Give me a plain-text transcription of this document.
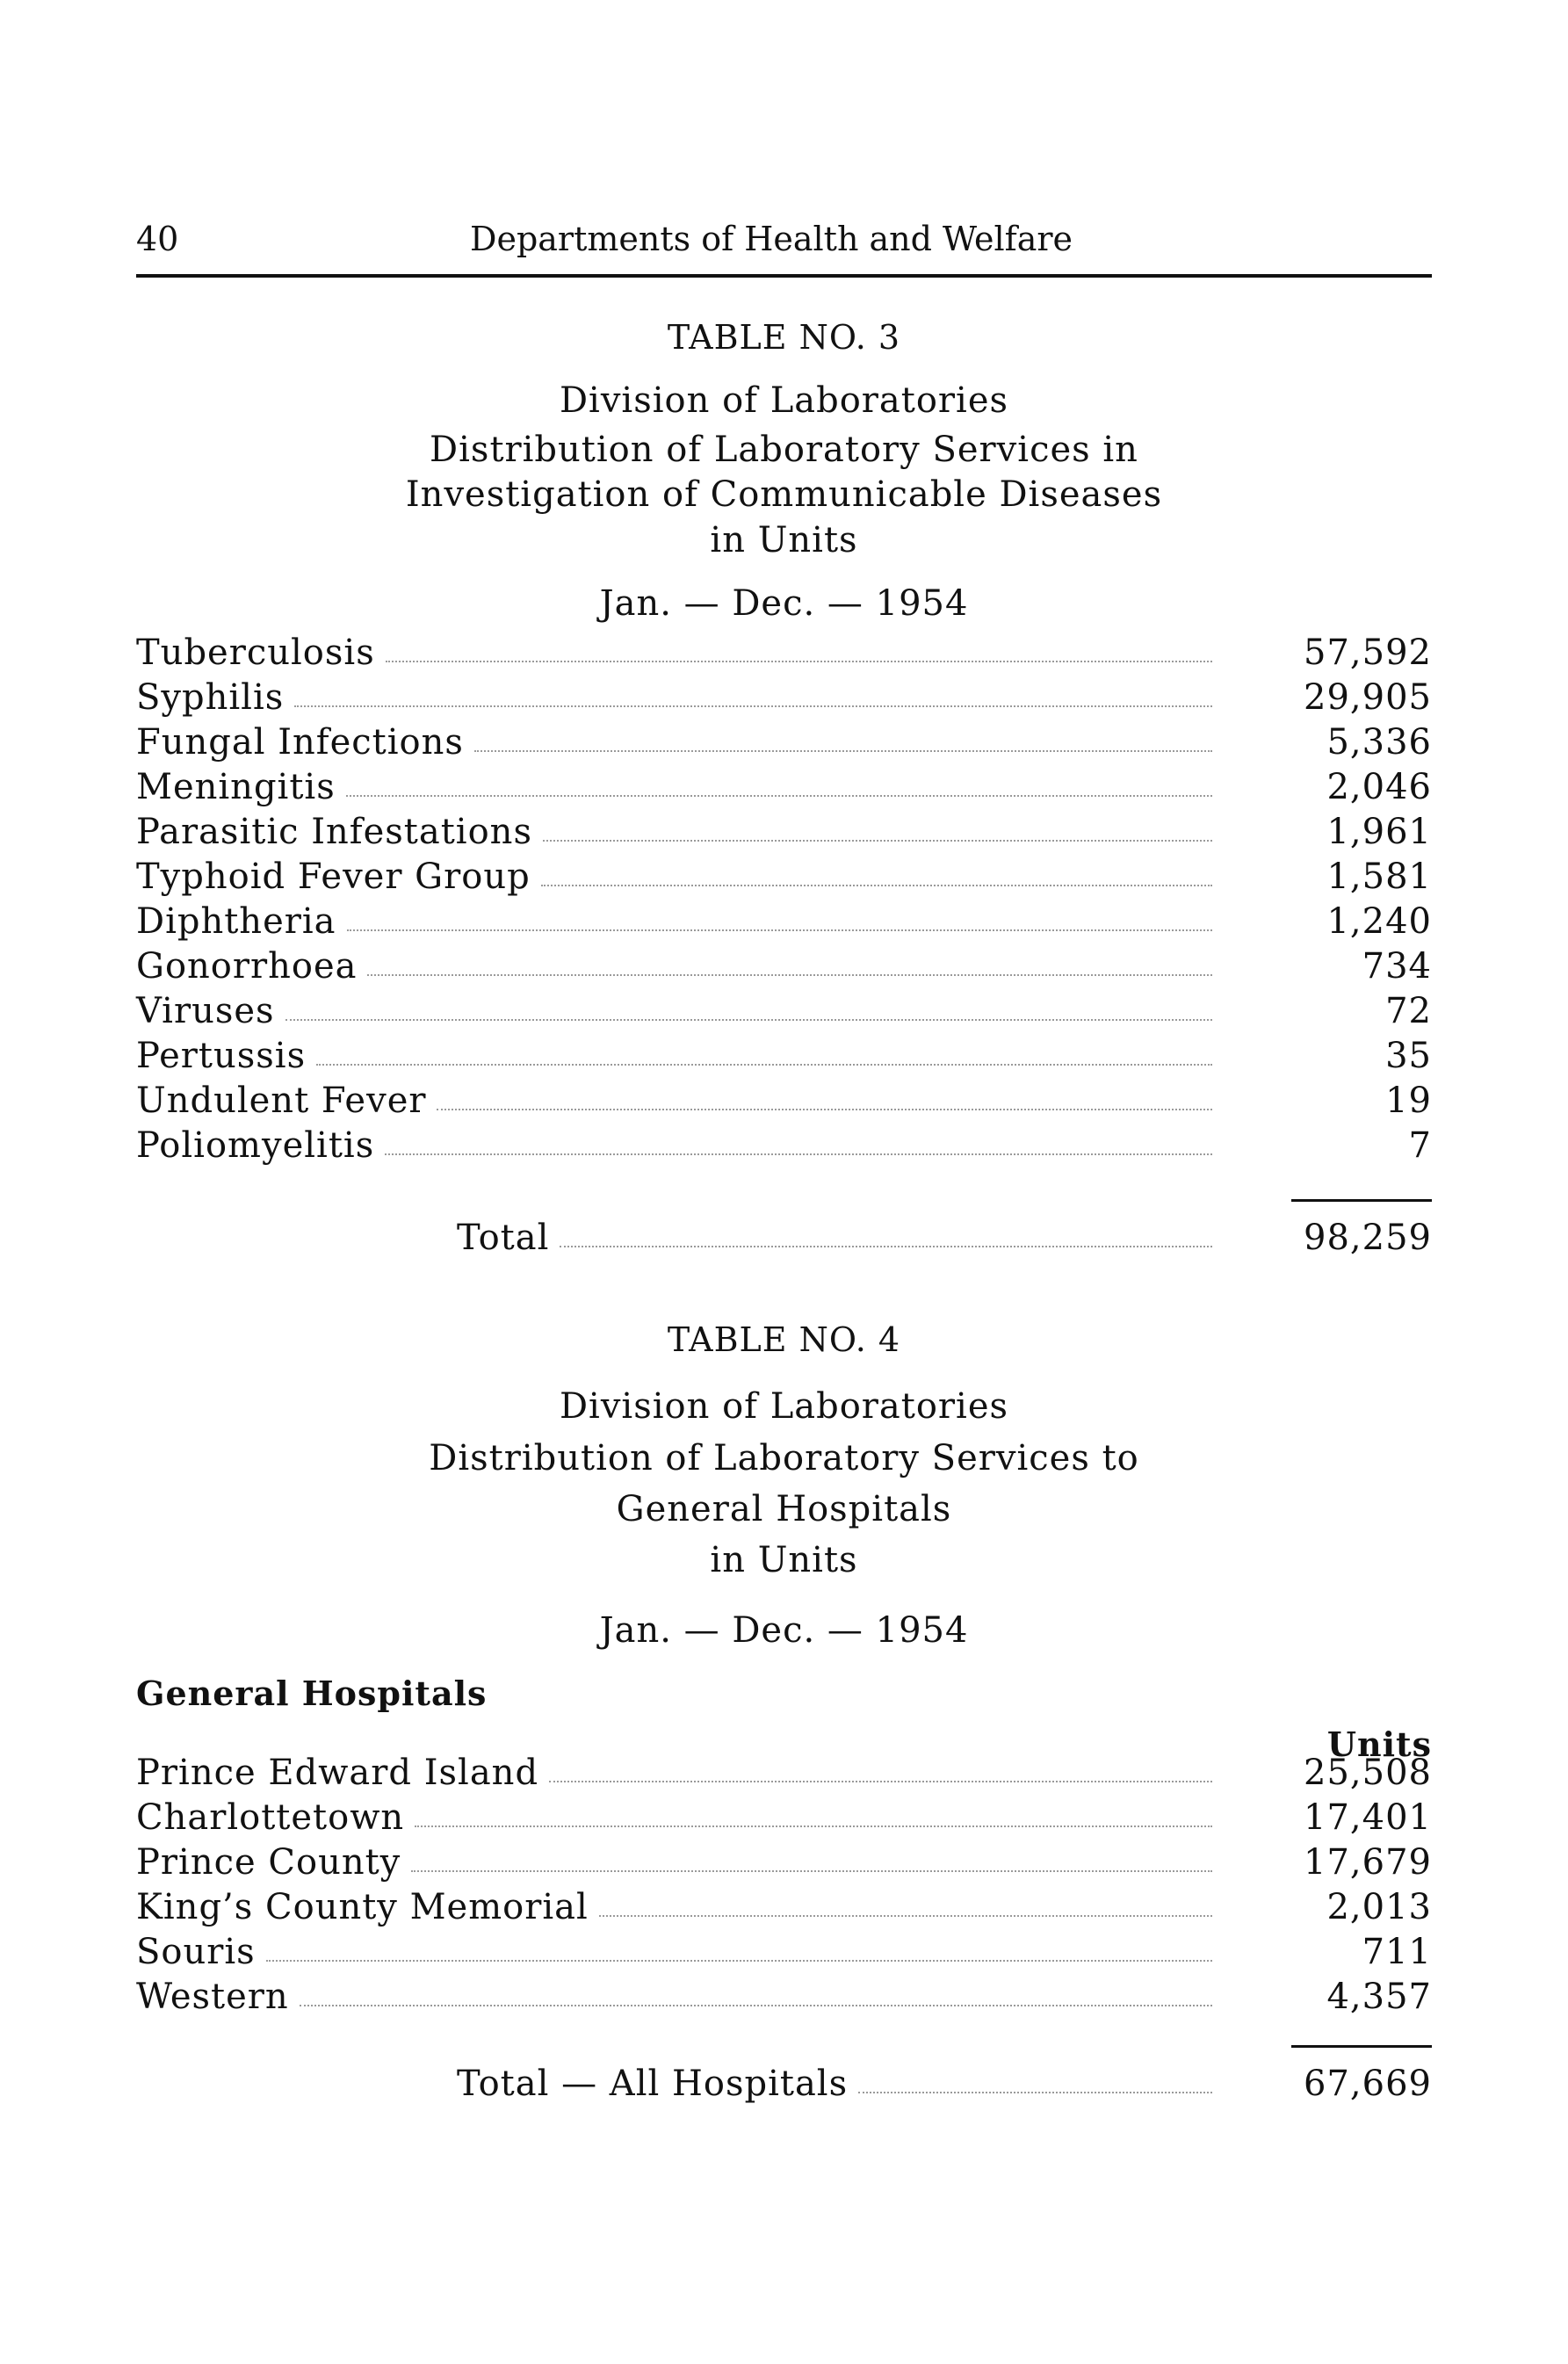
40	Departments of Health and Welfare
TABLE NO. 3
Division of Laboratories
Distribution of Laboratory Services in
Investigation of Communicable Diseases
in Units
Jan. — Dec. — 1954
Tuberculosis	57,592
Syphilis	29,905
Fungal Infections	5,336
Meningitis	2,046
Parasitic Infestations	1,961
Typhoid Fever Group	1,581
Diphtheria	1,240
Gonorrhoea	734
Viruses	72
Pertussis	35
Undulent Fever	19
Poliomyelitis	7
Total	98,259
TABLE NO. 4
Division of Laboratories
Distribution of Laboratory Services to
General Hospitals
in Units
Jan. — Dec. — 1954
General Hospitals
Units
Prince Edward Island	25,508
Charlottetown	17,401
Prince County	17,679
King’s County Memorial	2,013
Souris	711
Western	4,357
Total — All Hospitals	67,669
